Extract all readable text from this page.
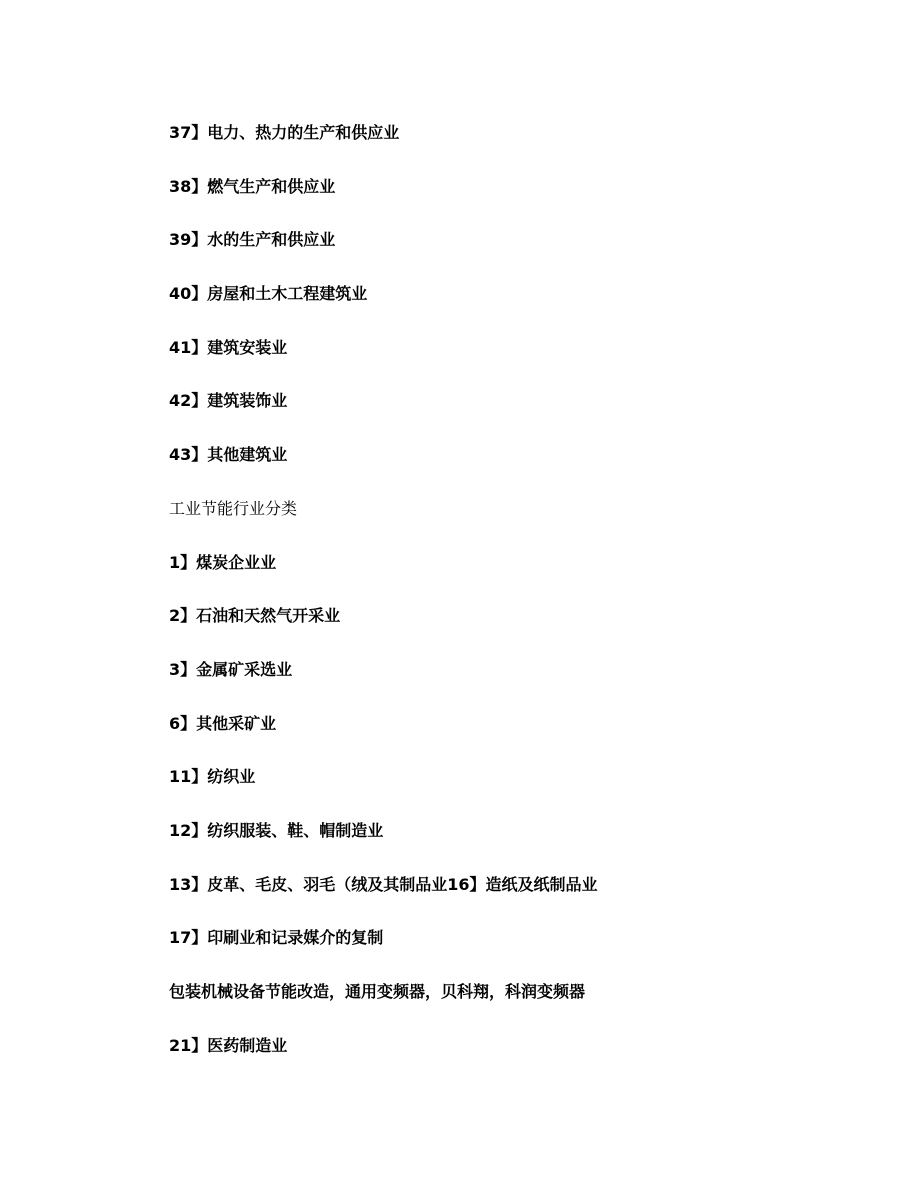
37】电力、热力的生产和供应业
38】燃气生产和供应业
39】水的生产和供应业
40】房屋和土木工程建筑业
41】建筑安装业
42】建筑装饰业
43】其他建筑业
工业节能行业分类
1】煤炭企业业
2】石油和天然气开采业
3】金属矿采选业
6】其他采矿业
11】纺织业
12】纺织服装、鞋、帽制造业
13】皮革、毛皮、羽毛（绒及其制品业16】造纸及纸制品业
17】印刷业和记录媒介的复制
包装机械设备节能改造，通用变频器，贝科翔，科润变频器
21】医药制造业
